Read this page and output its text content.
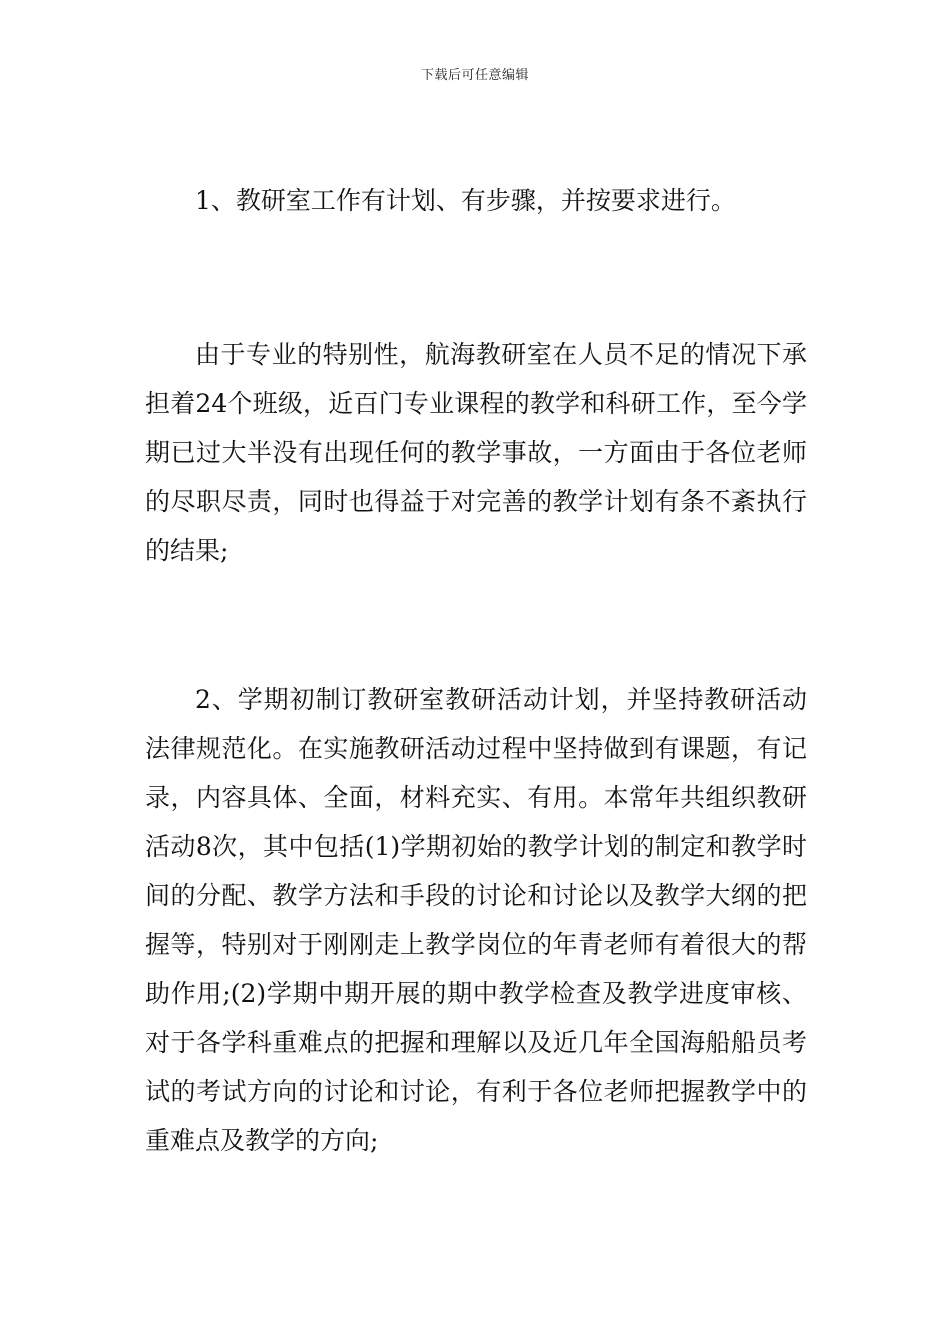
下载后可任意编辑

1、教研室工作有计划、有步骤，并按要求进行。

由于专业的特别性，航海教研室在人员不足的情况下承担着24个班级，近百门专业课程的教学和科研工作，至今学期已过大半没有出现任何的教学事故，一方面由于各位老师的尽职尽责，同时也得益于对完善的教学计划有条不紊执行的结果;

2、学期初制订教研室教研活动计划，并坚持教研活动法律规范化。在实施教研活动过程中坚持做到有课题，有记录，内容具体、全面，材料充实、有用。本常年共组织教研活动8次，其中包括(1)学期初始的教学计划的制定和教学时间的分配、教学方法和手段的讨论和讨论以及教学大纲的把握等，特别对于刚刚走上教学岗位的年青老师有着很大的帮助作用;(2)学期中期开展的期中教学检查及教学进度审核、对于各学科重难点的把握和理解以及近几年全国海船船员考试的考试方向的讨论和讨论，有利于各位老师把握教学中的重难点及教学的方向;
